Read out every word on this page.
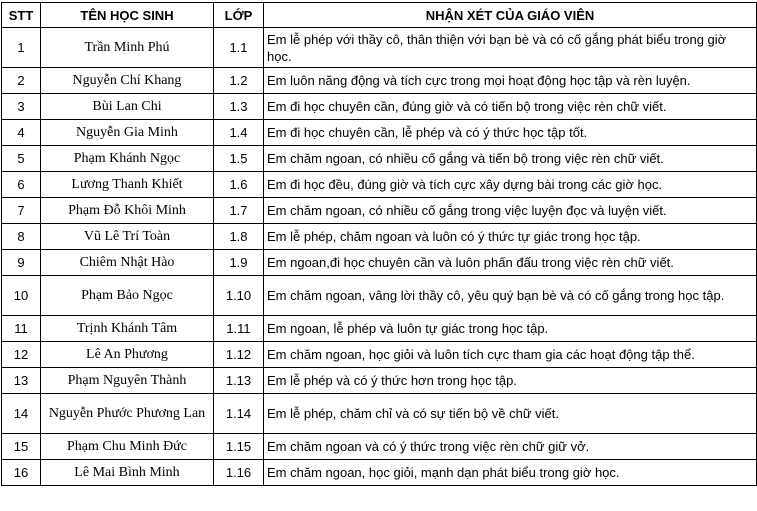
STT	TÊN HỌC SINH	LỚP	NHẬN XÉT CỦA GIÁO VIÊN
1	Trần Minh Phú	1.1	Em lễ phép với thầy cô, thân thiện với bạn bè và có cố gắng phát biểu trong giờ học.
2	Nguyễn Chí Khang	1.2	Em luôn năng động và tích cực trong mọi hoạt động học tập và rèn luyện.
3	Bùi Lan Chi	1.3	Em đi học chuyên cần, đúng giờ và có tiến bộ trong việc rèn chữ viết.
4	Nguyễn Gia Minh	1.4	Em đi học chuyên cần, lễ phép và có ý thức học tập tốt.
5	Phạm Khánh Ngọc	1.5	Em chăm ngoan, có nhiều cố gắng và tiến bộ trong việc rèn chữ viết.
6	Lương Thanh Khiết	1.6	Em đi học đều, đúng giờ và tích cực xây dựng bài trong các giờ học.
7	Phạm Đỗ Khôi Minh	1.7	Em chăm ngoan, có nhiều cố gắng trong việc luyện đọc và luyện viết.
8	Vũ Lê Trí Toàn	1.8	Em lễ phép, chăm ngoan và luôn có ý thức tự giác trong học tập.
9	Chiêm Nhật Hào	1.9	Em ngoan,đi học chuyên cần và luôn phấn đấu trong việc rèn chữ viết.
10	Phạm Bảo Ngọc	1.10	Em chăm ngoan, vâng lời thầy cô, yêu quý bạn bè và có cố gắng trong học tập.
11	Trịnh Khánh Tâm	1.11	Em ngoan, lễ phép và luôn tự giác trong học tập.
12	Lê An Phương	1.12	Em chăm ngoan, học giỏi và luôn tích cực tham gia các hoạt động tập thể.
13	Phạm Nguyên Thành	1.13	Em lễ phép và có ý thức hơn trong học tập.
14	Nguyễn Phước Phương Lan	1.14	Em lễ phép, chăm chỉ và có sự tiến bộ về chữ viết.
15	Phạm Chu Minh Đức	1.15	Em chăm ngoan và có ý thức trong việc rèn chữ giữ vở.
16	Lê Mai Bình Minh	1.16	Em chăm ngoan, học giỏi, mạnh dạn phát biểu trong giờ học.
